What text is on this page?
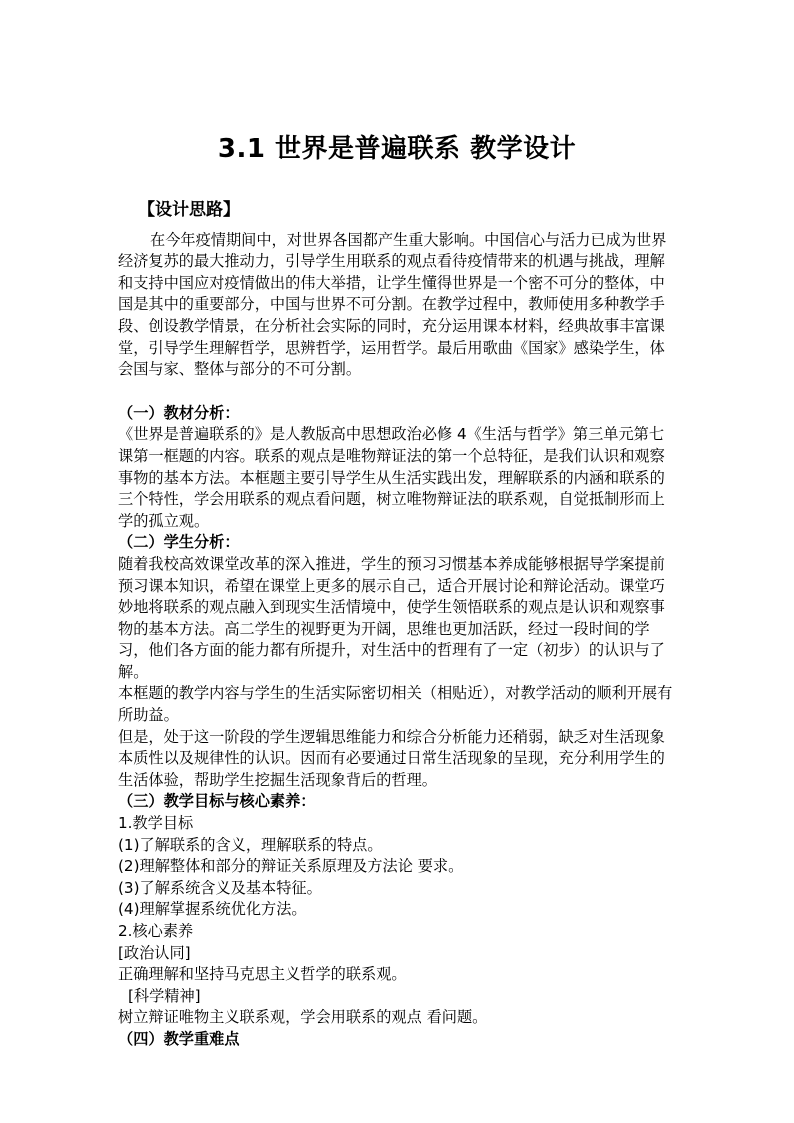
3.1 世界是普遍联系 教学设计
【设计思路】

在今年疫情期间中，对世界各国都产生重大影响。中国信心与活力已成为世界经济复苏的最大推动力，引导学生用联系的观点看待疫情带来的机遇与挑战，理解和支持中国应对疫情做出的伟大举措，让学生懂得世界是一个密不可分的整体，中国是其中的重要部分，中国与世界不可分割。在教学过程中，教师使用多种教学手段、创设教学情景，在分析社会实际的同时，充分运用课本材料，经典故事丰富课堂，引导学生理解哲学，思辨哲学，运用哲学。最后用歌曲《国家》感染学生，体会国与家、整体与部分的不可分割。

（一）教材分析：

《世界是普遍联系的》是人教版高中思想政治必修 4《生活与哲学》第三单元第七课第一框题的内容。联系的观点是唯物辩证法的第一个总特征，是我们认识和观察事物的基本方法。本框题主要引导学生从生活实践出发，理解联系的内涵和联系的三个特性，学会用联系的观点看问题，树立唯物辩证法的联系观，自觉抵制形而上学的孤立观。

（二）学生分析：

随着我校高效课堂改革的深入推进，学生的预习习惯基本养成能够根据导学案提前预习课本知识，希望在课堂上更多的展示自己，适合开展讨论和辩论活动。课堂巧妙地将联系的观点融入到现实生活情境中，使学生领悟联系的观点是认识和观察事物的基本方法。高二学生的视野更为开阔，思维也更加活跃，经过一段时间的学习，他们各方面的能力都有所提升，对生活中的哲理有了一定（初步）的认识与了解。

本框题的教学内容与学生的生活实际密切相关（相贴近），对教学活动的顺利开展有所助益。

但是，处于这一阶段的学生逻辑思维能力和综合分析能力还稍弱，缺乏对生活现象本质性以及规律性的认识。因而有必要通过日常生活现象的呈现，充分利用学生的生活体验，帮助学生挖掘生活现象背后的哲理。

（三）教学目标与核心素养：

1.教学目标

(1)了解联系的含义，理解联系的特点。

(2)理解整体和部分的辩证关系原理及方法论 要求。

(3)了解系统含义及基本特征。

(4)理解掌握系统优化方法。

2.核心素养

[政治认同]

正确理解和坚持马克思主义哲学的联系观。

[科学精神]

树立辩证唯物主义联系观，学会用联系的观点 看问题。

（四）教学重难点
